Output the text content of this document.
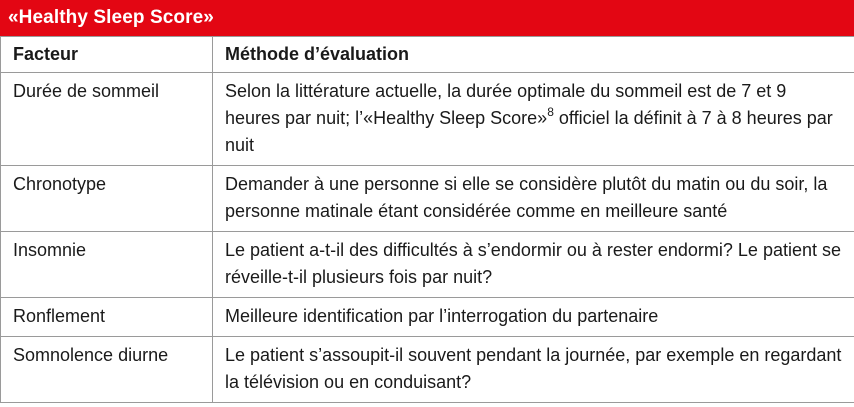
«Healthy Sleep Score»
Facteur	Méthode d’évaluation
Durée de sommeil	Selon la littérature actuelle, la durée optimale du sommeil est de 7 et 9 heures par nuit; l’«Healthy Sleep Score»$^8$ officiel la définit à 7 à 8 heures par nuit
Chronotype	Demander à une personne si elle se considère plutôt du matin ou du soir, la personne matinale étant considérée comme en meilleure santé
Insomnie	Le patient a-t-il des difficultés à s’endormir ou à rester endormi? Le patient se réveille-t-il plusieurs fois par nuit?
Ronflement	Meilleure identification par l’interrogation du partenaire
Somnolence diurne	Le patient s’assoupit-il souvent pendant la journée, par exemple en regardant la télévision ou en conduisant?
